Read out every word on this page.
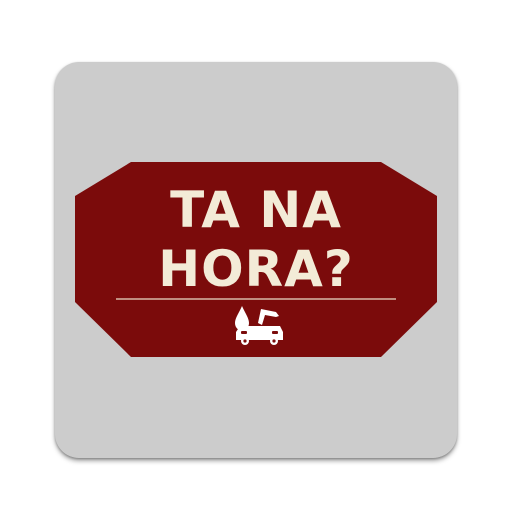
TA NA
HORA?
